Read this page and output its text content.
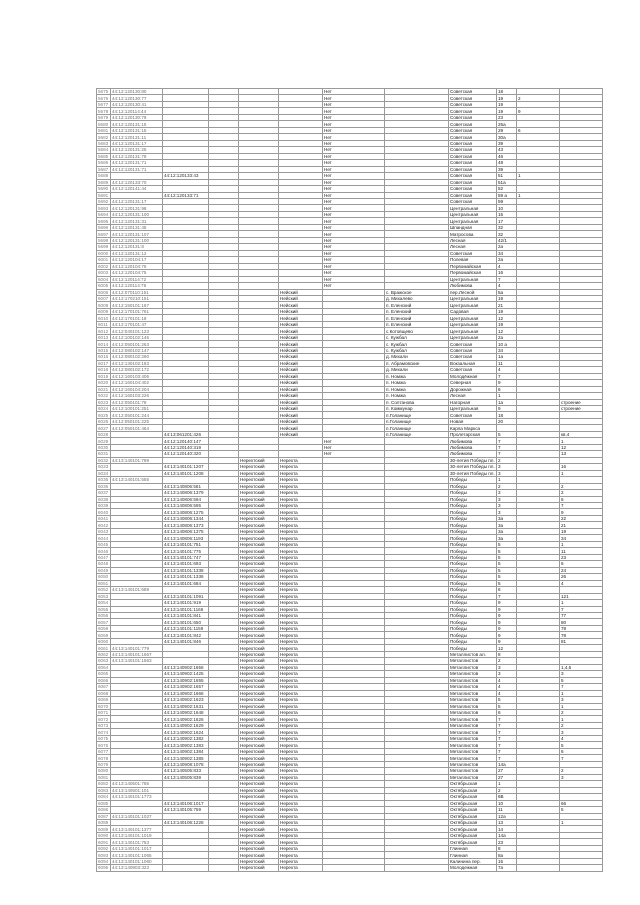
5675	44:12:120130:80					Нет		Советская	18		
5676	44:12:120130:77					Нет		Советская	19	2	
5677	44:12:120130:41					Нет		Советская	19		
5678	44:12:120114:44					Нет		Советская	19	9	
5679	44:12:120130:79					Нет		Советская	23		
5680	44:12:120131:15					Нет		Советская	25а		
5681	44:12:120131:15					Нет		Советская	29	6	
5682	44:12:120131:11					Нет		Советская	30а		
5683	44:12:120131:17					Нет		Советская	39		
5684	44:12:120131:25					Нет		Советская	43		
5685	44:12:120131:78					Нет		Советская	46		
5686	44:12:120131:71					Нет		Советская	48		
5687	44:12:120131:71					Нет		Советская	39		
5688		44:12:120133:43				Нет		Советская	51	1	
5689	44:12:120133:70					Нет		Советская	51а		
5690	44:12:120141:44					Нет		Советская	52		
5691		44:12:120133:71				Нет		Советская	59 а	1	
5692	44:12:120131:17					Нет		Советская	59		
5693	44:12:120131:98					Нет		Центральная	10		
5694	44:12:120131:100					Нет		Центральная	15		
5695	44:12:120131:31					Нет		Центральная	17		
5696	44:12:120131:45					Нет		Шпандная	32		
5697	44:12:120131:107					Нет		Матросова	32		
5698	44:12:120131:100					Нет		Лесная	42/1		
5699	44:12:120131:8					Нет		Лесная	2а		
6000	44:12:120131:12					Нет		Советская	34		
6001	44:12:120104:17					Нет		Полевая	2а		
6002	44:12:120104:76					Нет		Первомайская	4		
6003	44:12:120104:75					Нет		Первомайская	16		
6004	44:12:120114:72					Нет		Центральная	7		
6005	44:12:120114:78					Нет		Любимова	4		
6006	44:12:070110:151				Нейский		с. Вражское	пер.Лесной	5а		
6007	44:12:170210:151				Нейский		д. Михалево	Центральная	19		
6008	44:12:150101:167				Нейский		п. Еленский	Центральная	21		
6009	44:12:170101:761				Нейский		п. Еленский	Садовая	19		
6010	44:12:170101:18				Нейский		п. Еленский	Центральная	12		
6011	44:12:170101:47				Нейский		п. Еленский	Центральная	19		
6012	44:12:040101:123				Нейский		с.Котовщево	Центральная	12		
6013	44:12:100102:146				Нейский		с. Кужбал	Центральная	2а		
6014	44:12:050101:263				Нейский		с. Кужбал	Советская	10 а		
6015	44:12:080102:147				Нейский		с. Кужбал	Советская	34		
6016	44:12:080102:260				Нейский		д. Михали	Советская	1а		
6017	44:12:130102:183				Нейский		п. Абрамовские	Вокзальная	11		
6018	44:12:080102:172				Нейский		д. Михали	Советская	4		
6019	44:12:160103:406				Нейский		п. Номжа	Молодёжная	7		
6020	44:12:160104:402				Нейский		п. Номжа	Северная	9		
6021	44:12:160104:204				Нейский		п. Номжа	Дорожная	6		
6022	44:12:160103:226				Нейский		п. Номжа	Лесная	1		
6023	44:12:050101:78				Нейский		п. Солтанова	Нагорная	1а		строение
6024	44:12:100101:251				Нейский		п. Коммунар	Центральная	9		строение
6025	44:12:050101:244				Нейский		п.Голанище	Советская	18		
6026	44:12:050101:225				Нейский		п.Голанище	Новая	20		
6027	44:12:050101:464				Нейский		п.Голанище	Карла Маркса			
6028		44:13:061201:426			Нейский		п.Голанище	Пролетарская	5		кв.4
6029		44:12:120140:147				Нет		Любимова	7		1
6030		44:12:120140:319				Нет		Любимова	7		12
6031		44:12:120140:320				Нет		Любимова	7		13
6032	44:13:140101:789			Нерехтский	Нерехта			30-летия Победы пл.	2		
6033		44:13:140101:1207		Нерехтский	Нерехта			30-летия Победы пл.	3		16
6034		44:13:140101:1208		Нерехтский	Нерехта			30-летия Победы пл.	3		1
6035	44:13:140101:555			Нерехтский	Нерехта			Победы	1		
6036		44:13:140806:581		Нерехтский	Нерехта			Победы	2		2
6037		44:13:140806:1379		Нерехтский	Нерехта			Победы	3		2
6038		44:13:140806:594		Нерехтский	Нерехта			Победы	3		6
6039		44:13:140806:595		Нерехтский	Нерехта			Победы	3		7
6040		44:13:140806:1275		Нерехтский	Нерехта			Победы	3		9
6041		44:13:140806:1344		Нерехтский	Нерехта			Победы	3а		22
6042		44:13:140806:1373		Нерехтский	Нерехта			Победы	3а		21
6043		44:13:140806:1375		Нерехтский	Нерехта			Победы	3а		19
6044		44:13:140806:1193		Нерехтский	Нерехта			Победы	3а		34
6045		44:13:140101:751		Нерехтский	Нерехта			Победы	5		1
6046		44:13:140101:775		Нерехтский	Нерехта			Победы	5		11
6047		44:13:140101:747		Нерехтский	Нерехта			Победы	5		23
6048		44:13:140101:693		Нерехтский	Нерехта			Победы	5		6
6049		44:13:140101:1338		Нерехтский	Нерехта			Победы	5		24
6050		44:13:140101:1336		Нерехтский	Нерехта			Победы	5		26
6051		44:13:140101:684		Нерехтский	Нерехта			Победы	5		4
6052	44:13:140101:689			Нерехтский	Нерехта			Победы	6		
6053		44:13:140101:1091		Нерехтский	Нерехта			Победы	7		121
6054		44:13:140101:919		Нерехтский	Нерехта			Победы	9		1
6055		44:13:140101:1166		Нерехтский	Нерехта			Победы	9		7
6056		44:13:140101:841		Нерехтский	Нерехта			Победы	9		77
6057		44:13:140101:650		Нерехтский	Нерехта			Победы	9		80
6058		44:13:140101:1159		Нерехтский	Нерехта			Победы	9		78
6059		44:13:140101:842		Нерехтский	Нерехта			Победы	9		78
6060		44:13:140101:846		Нерехтский	Нерехта			Победы	9		81
6061	44:13:140101:779			Нерехтский	Нерехта			Победы	12		
6062	44:13:140101:1667			Нерехтский	Нерехта			Металлистов ал.	8		
6063	44:13:140101:1563			Нерехтский	Нерехта			Металлистов	2		
6064		44:13:140902:1658		Нерехтский	Нерехта			Металлистов	3		1,4,5
6065		44:13:140902:1425		Нерехтский	Нерехта			Металлистов	3		3
6066		44:13:140902:1655		Нерехтский	Нерехта			Металлистов	4		5
6067		44:13:140902:1657		Нерехтский	Нерехта			Металлистов	4		7
6068		44:13:140902:1666		Нерехтский	Нерехта			Металлистов	4		1
6069		44:13:140902:1623		Нерехтский	Нерехта			Металлистов	5		3
6070		44:13:140902:1631		Нерехтский	Нерехта			Металлистов	5		1
6071		44:13:140902:1648		Нерехтский	Нерехта			Металлистов	6		2
6072		44:13:140902:1626		Нерехтский	Нерехта			Металлистов	7		1
6073		44:13:140902:1629		Нерехтский	Нерехта			Металлистов	7		2
6074		44:13:140902:1624		Нерехтский	Нерехта			Металлистов	7		3
6075		44:13:140902:1382		Нерехтский	Нерехта			Металлистов	7		4
6076		44:13:140902:1383		Нерехтский	Нерехта			Металлистов	7		5
6077		44:13:140902:1384		Нерехтский	Нерехта			Металлистов	7		6
6078		44:13:140902:1385		Нерехтский	Нерехта			Металлистов	7		7
6079		44:13:140908:1078		Нерехтский	Нерехта			Металлистов	14а		
6080		44:13:140505:833		Нерехтский	Нерехта			Металлистов	27		2
6081		44:13:140505:839		Нерехтский	Нерехта			Металлистов	27		3
6082	44:13:140501:785			Нерехтский	Нерехта			Октябрьская	1		
6083	44:13:140501:101			Нерехтский	Нерехта			Октябрьская	2		
6084	44:13:140101:1773			Нерехтский	Нерехта			Октябрьская	6В		
6085		44:13:140106:1017		Нерехтский	Нерехта			Октябрьская	10		66
6086		44:13:140105:759		Нерехтский	Нерехта			Октябрьская	11		5
6087	44:13:140101:1027			Нерехтский	Нерехта			Октябрьская	12а		
6088		44:13:140106:1228		Нерехтский	Нерехта			Октябрьская	13		1
6089	44:13:140101:1377			Нерехтский	Нерехта			Октябрьская	14		
6090	44:13:140101:1019			Нерехтский	Нерехта			Октябрьская	14а		
6091	44:13:140101:753			Нерехтский	Нерехта			Октябрьская	23		
6092	44:13:140101:1017			Нерехтский	Нерехта			Глинная	8		
6093	44:13:140101:1065			Нерехтский	Нерехта			Глинная	8а		
6094	44:13:140101:1060			Нерехтский	Нерехта			Калинина пер.	15		
6095	44:13:140903:323			Нерехтский	Нерехта			Молодежная	7а		
